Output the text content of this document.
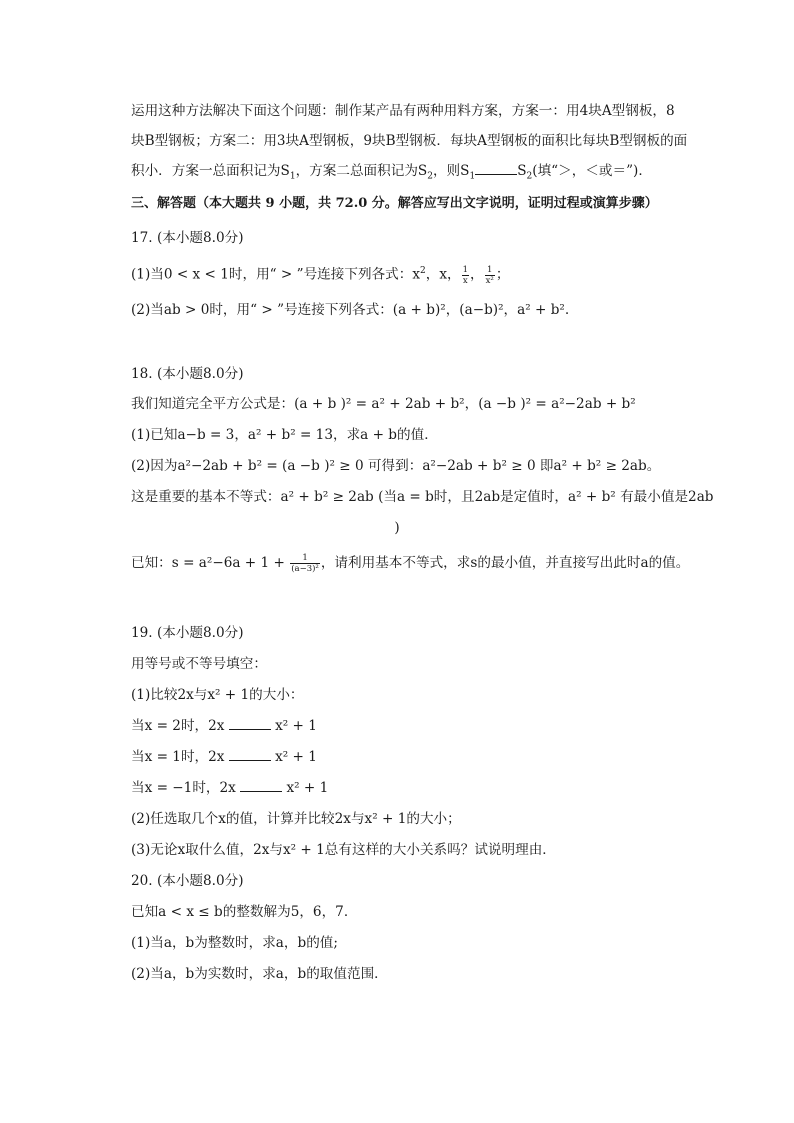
运用这种方法解决下面这个问题：制作某产品有两种用料方案，方案一：用4块A型钢板，8
块B型钢板；方案二：用3块A型钢板，9块B型钢板．每块A型钢板的面积比每块B型钢板的面
积小．方案一总面积记为$S_1$，方案二总面积记为$S_2$，则$S_1$	$S_2$(填“＞，＜或＝”)．
三、解答题（本大题共 9 小题，共 72.0 分。解答应写出文字说明，证明过程或演算步骤）
17. (本小题8.0分)
(1)当0 < x < 1时，用“ > ”号连接下列各式：$x^2$，x， $\frac{1}{x}$ ， $\frac{1}{\text{x²}}$ ；
(2)当ab > 0时，用“ > ”号连接下列各式：(a + b)²，(a−b)²，a² + b².
18. (本小题8.0分)
我们知道完全平方公式是：(a + b )² = a² + 2ab + b²，(a −b )² = a²−2ab + b²
(1)已知a−b = 3，a² + b² = 13，求a + b的值．
(2)因为a²−2ab + b² = (a −b )² ≥ 0 可得到：a²−2ab + b² ≥ 0 即a² + b² ≥ 2ab。
这是重要的基本不等式：a² + b² ≥ 2ab (当a = b时，且2ab是定值时，a² + b² 有最小值是2ab
)
已知：$s = a^2-6a + 1 + \frac{1}{\text{(a−3)²}}$ ，请利用基本不等式，求s的最小值，并直接写出此时a的值。
19. (本小题8.0分)
用等号或不等号填空：
(1)比较2x与x² + 1的大小：
当x = 2时，2x	x² + 1
当x = 1时，2x	x² + 1
当x = −1时，2x	x² + 1
(2)任选取几个x的值，计算并比较2x与x² + 1的大小；
(3)无论x取什么值，2x与x² + 1总有这样的大小关系吗？试说明理由．
20. (本小题8.0分)
已知a < x ≤ b的整数解为5，6，7．
(1)当a，b为整数时，求a，b的值;
(2)当a，b为实数时，求a，b的取值范围．
